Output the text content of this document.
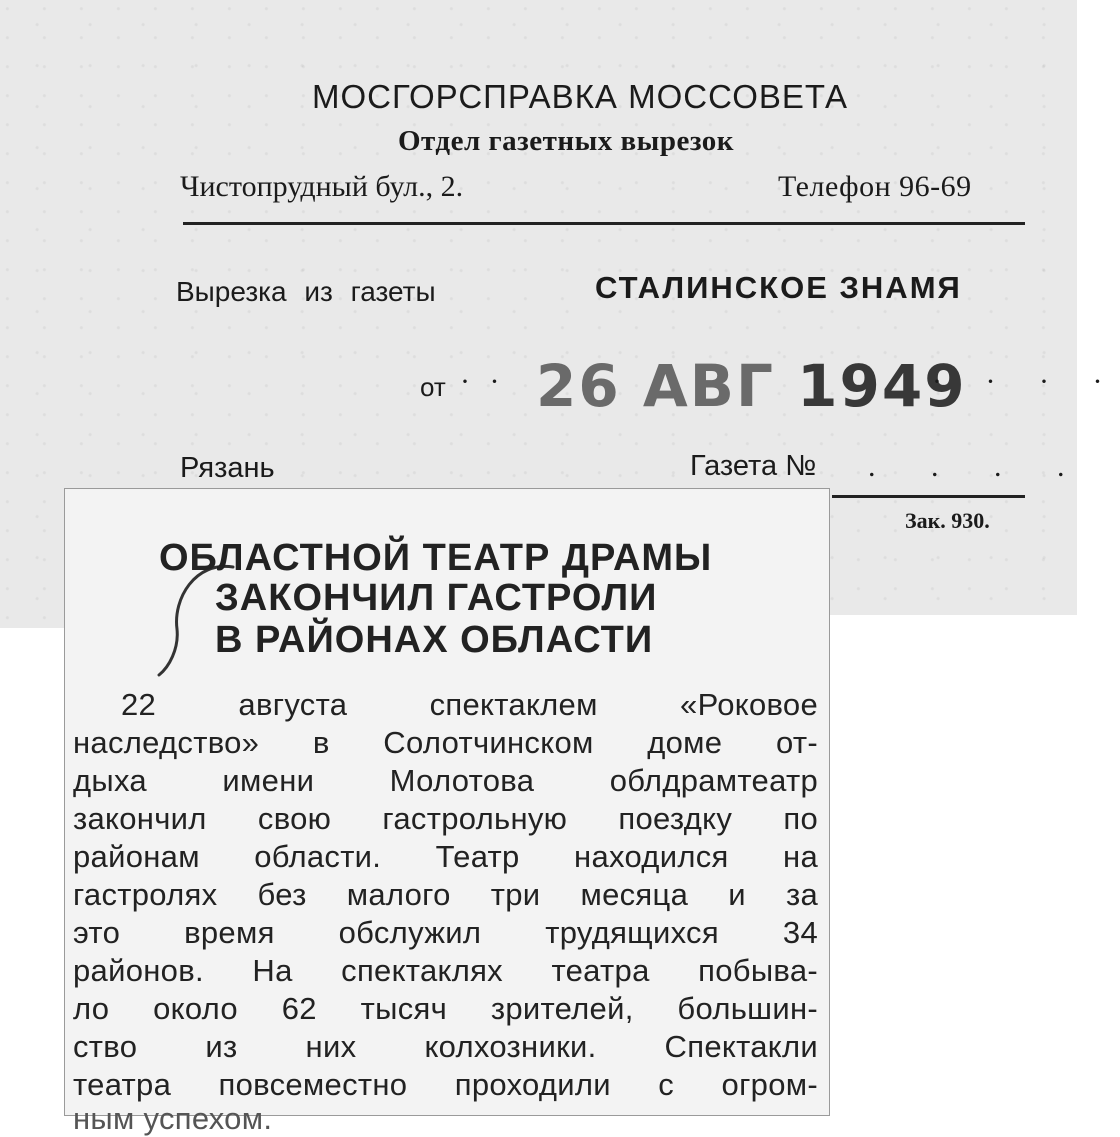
МОСГОРСПРАВКА МОССОВЕТА
Отдел газетных вырезок
Чистопрудный бул., 2.	Телефон 96-69
Вырезка из газеты	СТАЛИНСКОЕ ЗНАМЯ
от · · 26 АВГ 1949
· · · ·
Рязань	Газета № . . . .
Зак. 930.
ОБЛАСТНОЙ ТЕАТР ДРАМЫ
ЗАКОНЧИЛ ГАСТРОЛИ
В РАЙОНАХ ОБЛАСТИ
22 августа спектаклем «Роковое
наследство» в Солотчинском доме от-
дыха имени Молотова облдрамтеатр
закончил свою гастрольную поездку по
районам области. Театр находился на
гастролях без малого три месяца и за
это время обслужил трудящихся 34
районов. На спектаклях театра побыва-
ло около 62 тысяч зрителей, большин-
ство из них колхозники. Спектакли
театра повсеместно проходили с огром-
ным успехом.
